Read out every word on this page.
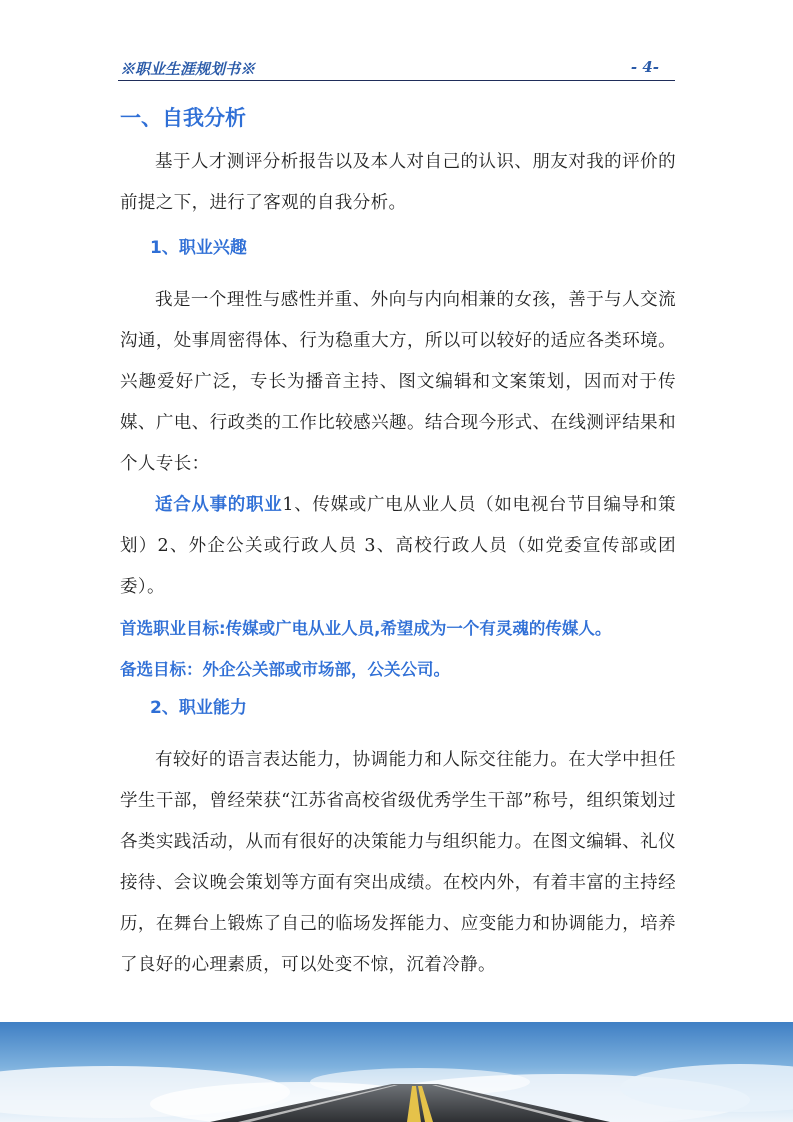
※职业生涯规划书※	- 4-
一、自我分析

基于人才测评分析报告以及本人对自己的认识、朋友对我的评价的前提之下，进行了客观的自我分析。

1、职业兴趣

我是一个理性与感性并重、外向与内向相兼的女孩，善于与人交流沟通，处事周密得体、行为稳重大方，所以可以较好的适应各类环境。兴趣爱好广泛，专长为播音主持、图文编辑和文案策划，因而对于传媒、广电、行政类的工作比较感兴趣。结合现今形式、在线测评结果和个人专长：

适合从事的职业1、传媒或广电从业人员（如电视台节目编导和策划）2、外企公关或行政人员 3、高校行政人员（如党委宣传部或团委）。

首选职业目标:传媒或广电从业人员,希望成为一个有灵魂的传媒人。
备选目标：外企公关部或市场部，公关公司。
2、职业能力

有较好的语言表达能力，协调能力和人际交往能力。在大学中担任学生干部，曾经荣获“江苏省高校省级优秀学生干部”称号，组织策划过各类实践活动，从而有很好的决策能力与组织能力。在图文编辑、礼仪接待、会议晚会策划等方面有突出成绩。在校内外，有着丰富的主持经历，在舞台上锻炼了自己的临场发挥能力、应变能力和协调能力，培养了良好的心理素质，可以处变不惊，沉着冷静。
